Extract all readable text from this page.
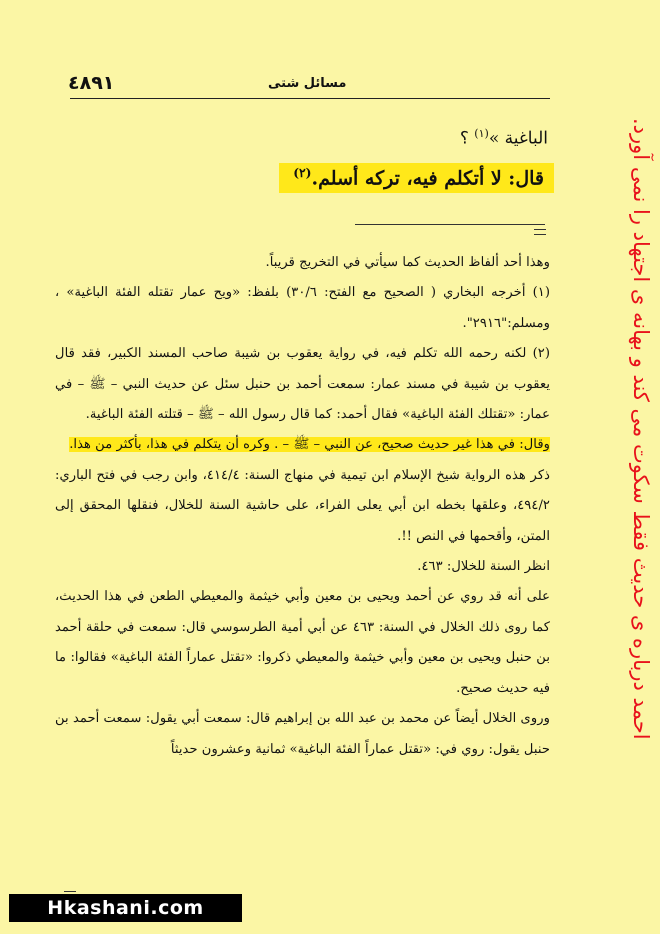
٤٨٩١	مسائل شتى
الباغية »$^{(١)}$ ؟
قال: لا أتكلم فيه، تركه أسلم.$^{(٢)}$

وهذا أحد ألفاظ الحديث كما سيأتي في التخريج قريباً.

(١) أخرجه البخاري ( الصحيح مع الفتح: ٣٠/٦) بلفظ: «ويح عمار تقتله الفئة الباغية» ، ومسلم:"٢٩١٦".

(٢) لكنه رحمه الله تكلم فيه، في رواية يعقوب بن شيبة صاحب المسند الكبير، فقد قال يعقوب بن شيبة في مسند عمار: سمعت أحمد بن حنبل سئل عن حديث النبي – ﷺ – في عمار: «تقتلك الفئة الباغية» فقال أحمد: كما قال رسول الله – ﷺ – قتلته الفئة الباغية.

وقال: في هذا غير حديث صحيح، عن النبي – ﷺ – . وكره أن يتكلم في هذا، بأكثر من هذا.

ذكر هذه الرواية شيخ الإسلام ابن تيمية في منهاج السنة: ٤١٤/٤، وابن رجب في فتح الباري: ٤٩٤/٢، وعلقها بخطه ابن أبي يعلى الفراء، على حاشية السنة للخلال، فنقلها المحقق إلى المتن، وأقحمها في النص !!.

انظر السنة للخلال: ٤٦٣.

على أنه قد روي عن أحمد ويحيى بن معين وأبي خيثمة والمعيطي الطعن في هذا الحديث، كما روى ذلك الخلال في السنة: ٤٦٣ عن أبي أمية الطرسوسي قال: سمعت في حلقة أحمد بن حنبل ويحيى بن معين وأبي خيثمة والمعيطي ذكروا: «تقتل عماراً الفئة الباغية» فقالوا: ما فيه حديث صحيح.

وروى الخلال أيضاً عن محمد بن عبد الله بن إبراهيم قال: سمعت أبي يقول: سمعت أحمد بن حنبل يقول: روي في: «تقتل عماراً الفئة الباغية» ثمانية وعشرون حديثاً

احمد درباره ی حدیث فقط سکوت می کند و بهانه ی اجتهاد را نمی آورد.
Hkashani.com
